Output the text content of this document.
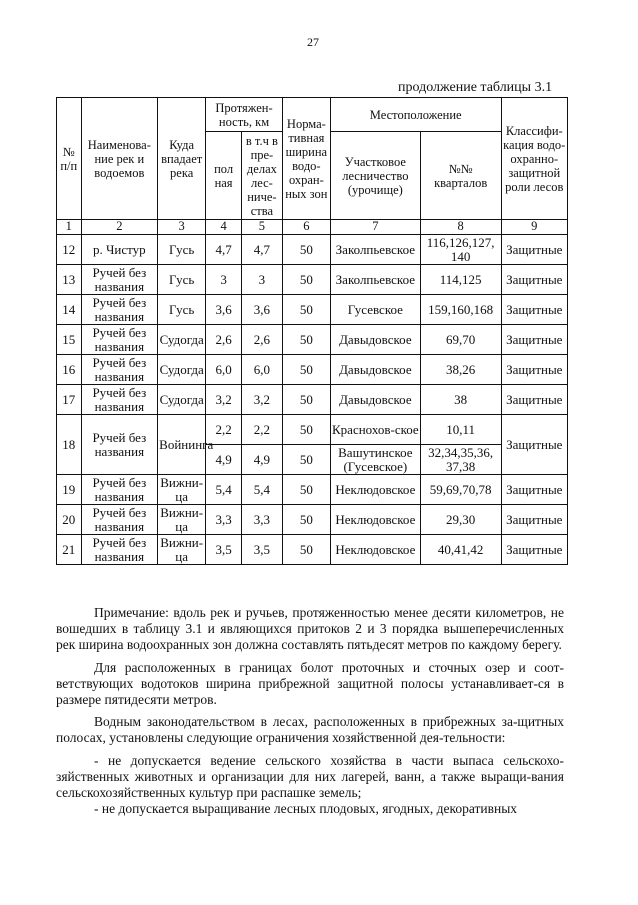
27
продолжение таблицы 3.1
№ п/п	Наименова-ние рек и водоемов	Куда впадает река	Протяжен-ность, км		Норма-тивная ширина водо-охран-ных зон	Местоположение		Классифи-кация водо-охранно-защитной роли лесов
			пол ная	в т.ч в пре-делах лес-ниче-ства		Участковое лесничество (урочище)	№№ кварталов	
1	2	3	4	5	6	7	8	9
12	р. Чистур	Гусь	4,7	4,7	50	Заколпьевское	116,126,127, 140	Защитные
13	Ручей без названия	Гусь	3	3	50	Заколпьевское	114,125	Защитные
14	Ручей без названия	Гусь	3,6	3,6	50	Гусевское	159,160,168	Защитные
15	Ручей без названия	Судогда	2,6	2,6	50	Давыдовское	69,70	Защитные
16	Ручей без названия	Судогда	6,0	6,0	50	Давыдовское	38,26	Защитные
17	Ручей без названия	Судогда	3,2	3,2	50	Давыдовское	38	Защитные
18	Ручей без названия	Войнинга	2,2	2,2	50	Краснохов-ское	10,11	Защитные
			4,9	4,9	50	Вашутинское (Гусевское)	32,34,35,36, 37,38	
19	Ручей без названия	Вижни-ца	5,4	5,4	50	Неклюдовское	59,69,70,78	Защитные
20	Ручей без названия	Вижни-ца	3,3	3,3	50	Неклюдовское	29,30	Защитные
21	Ручей без названия	Вижни-ца	3,5	3,5	50	Неклюдовское	40,41,42	Защитные

Примечание: вдоль рек и ручьев, протяженностью менее десяти километров, не вошедших в таблицу 3.1 и являющихся притоков 2 и 3 порядка вышеперечисленных рек ширина водоохранных зон должна составлять пятьдесят метров по каждому берегу.

Для расположенных в границах болот проточных и сточных озер и соот-ветствующих водотоков ширина прибрежной защитной полосы устанавливает-ся в размере пятидесяти метров.

Водным законодательством в лесах, расположенных в прибрежных за-щитных полосах, установлены следующие ограничения хозяйственной дея-тельности:

- не допускается ведение сельского хозяйства в части выпаса сельскохо-зяйственных животных и организации для них лагерей, ванн, а также выращи-вания сельскохозяйственных культур при распашке земель;

- не допускается выращивание лесных плодовых, ягодных, декоративных
